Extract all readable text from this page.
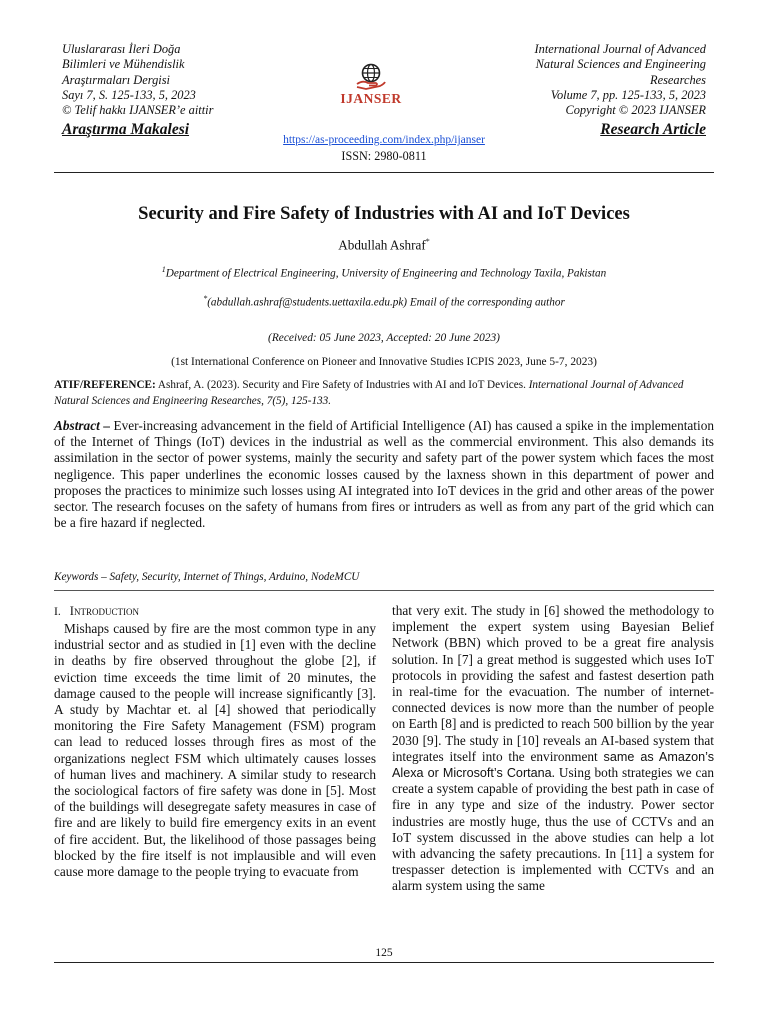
Uluslararası İleri Doğa
Bilimleri ve Mühendislik
Araştırmaları Dergisi
Sayı 7, S. 125-133, 5, 2023
© Telif hakkı IJANSER’e aittir
Araştırma Makalesi
IJANSER
International Journal of Advanced
Natural Sciences and Engineering
Researches
Volume 7, pp. 125-133, 5, 2023
Copyright © 2023 IJANSER
Research Article
https://as-proceeding.com/index.php/ijanser
ISSN: 2980-0811
Security and Fire Safety of Industries with AI and IoT Devices
Abdullah Ashraf*
$^1$Department of Electrical Engineering, University of Engineering and Technology Taxila, Pakistan
*(abdullah.ashraf@students.uettaxila.edu.pk) Email of the corresponding author
(Received: 05 June 2023, Accepted: 20 June 2023)
(1st International Conference on Pioneer and Innovative Studies ICPIS 2023, June 5-7, 2023)
ATIF/REFERENCE: Ashraf, A. (2023). Security and Fire Safety of Industries with AI and IoT Devices. International Journal of Advanced Natural Sciences and Engineering Researches, 7(5), 125-133.
Abstract – Ever-increasing advancement in the field of Artificial Intelligence (AI) has caused a spike in the implementation of the Internet of Things (IoT) devices in the industrial as well as the commercial environment. This also demands its assimilation in the sector of power systems, mainly the security and safety part of the power system which faces the most negligence. This paper underlines the economic losses caused by the laxness shown in this department of power and proposes the practices to minimize such losses using AI integrated into IoT devices in the grid and other areas of the power sector. The research focuses on the safety of humans from fires or intruders as well as from any part of the grid which can be a fire hazard if neglected.
Keywords – Safety, Security, Internet of Things, Arduino, NodeMCU
I. Introduction

Mishaps caused by fire are the most common type in any industrial sector and as studied in [1] even with the decline in deaths by fire observed throughout the globe [2], if eviction time exceeds the time limit of 20 minutes, the damage caused to the people will increase significantly [3]. A study by Machtar et. al [4] showed that periodically monitoring the Fire Safety Management (FSM) program can lead to reduced losses through fires as most of the organizations neglect FSM which ultimately causes losses of human lives and machinery. A similar study to research the sociological factors of fire safety was done in [5]. Most of the buildings will desegregate safety measures in case of fire and are likely to build fire emergency exits in an event of fire accident. But, the likelihood of those passages being blocked by the fire itself is not implausible and will even cause more damage to the people trying to evacuate from

that very exit. The study in [6] showed the methodology to implement the expert system using Bayesian Belief Network (BBN) which proved to be a great fire analysis solution. In [7] a great method is suggested which uses IoT protocols in providing the safest and fastest desertion path in real-time for the evacuation. The number of internet-connected devices is now more than the number of people on Earth [8] and is predicted to reach 500 billion by the year 2030 [9]. The study in [10] reveals an AI-based system that integrates itself into the environment same as Amazon’s Alexa or Microsoft’s Cortana. Using both strategies we can create a system capable of providing the best path in case of fire in any type and size of the industry. Power sector industries are mostly huge, thus the use of CCTVs and an IoT system discussed in the above studies can help a lot with advancing the safety precautions. In [11] a system for trespasser detection is implemented with CCTVs and an alarm system using the same

125
